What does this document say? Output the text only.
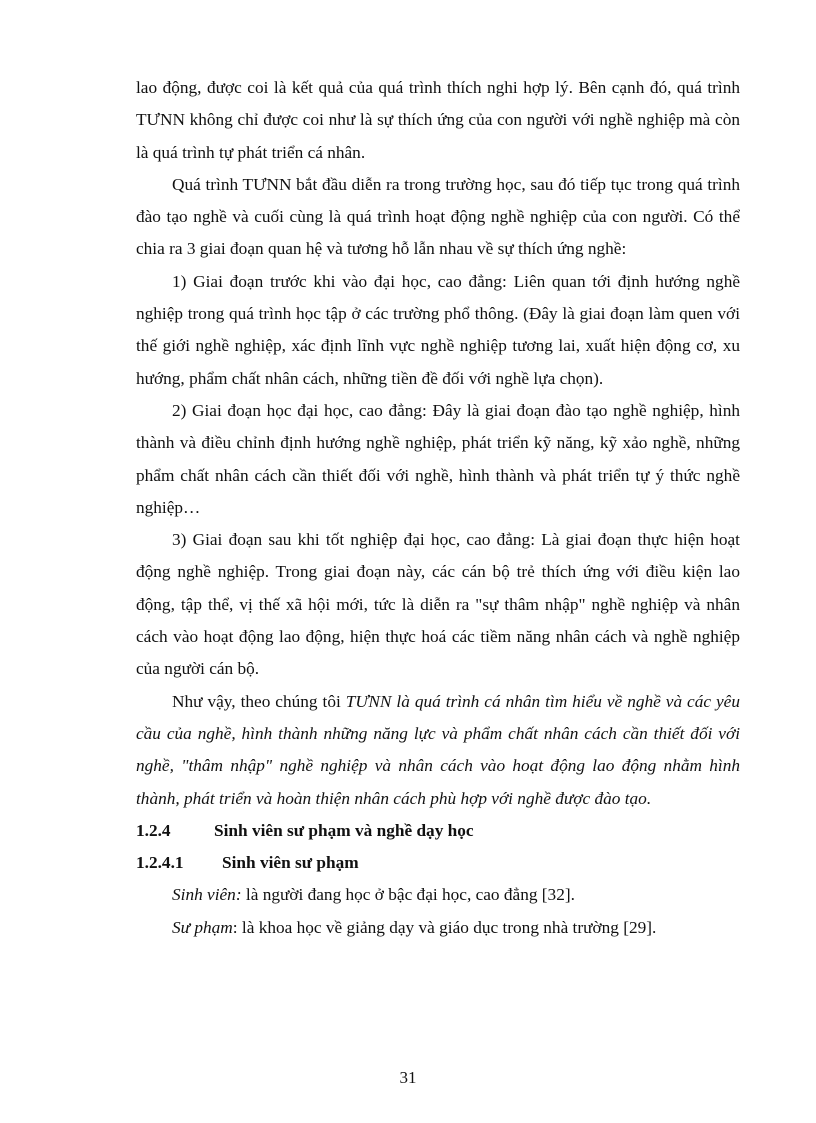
lao động, được coi là kết quả của quá trình thích nghi hợp lý. Bên cạnh đó, quá trình TƯNN không chỉ được coi như là sự thích ứng của con người với nghề nghiệp mà còn là quá trình tự phát triển cá nhân.

Quá trình TƯNN bắt đầu diễn ra trong trường học, sau đó tiếp tục trong quá trình đào tạo nghề và cuối cùng là quá trình hoạt động nghề nghiệp của con người. Có thể chia ra 3 giai đoạn quan hệ và tương hỗ lẫn nhau về sự thích ứng nghề:

1) Giai đoạn trước khi vào đại học, cao đẳng: Liên quan tới định hướng nghề nghiệp trong quá trình học tập ở các trường phổ thông. (Đây là giai đoạn làm quen với thế giới nghề nghiệp, xác định lĩnh vực nghề nghiệp tương lai, xuất hiện động cơ, xu hướng, phẩm chất nhân cách, những tiền đề đối với nghề lựa chọn).

2) Giai đoạn học đại học, cao đẳng: Đây là giai đoạn đào tạo nghề nghiệp, hình thành và điều chỉnh định hướng nghề nghiệp, phát triển kỹ năng, kỹ xảo nghề, những phẩm chất nhân cách cần thiết đối với nghề, hình thành và phát triển tự ý thức nghề nghiệp…

3) Giai đoạn sau khi tốt nghiệp đại học, cao đẳng: Là giai đoạn thực hiện hoạt động nghề nghiệp. Trong giai đoạn này, các cán bộ trẻ thích ứng với điều kiện lao động, tập thể, vị thế xã hội mới, tức là diễn ra "sự thâm nhập" nghề nghiệp và nhân cách vào hoạt động lao động, hiện thực hoá các tiềm năng nhân cách và nghề nghiệp của người cán bộ.

Như vậy, theo chúng tôi TƯNN là quá trình cá nhân tìm hiểu về nghề và các yêu cầu của nghề, hình thành những năng lực và phẩm chất nhân cách cần thiết đối với nghề, "thâm nhập" nghề nghiệp và nhân cách vào hoạt động lao động nhằm hình thành, phát triển và hoàn thiện nhân cách phù hợp với nghề được đào tạo.

1.2.4	Sinh viên sư phạm và nghề dạy học
1.2.4.1 Sinh viên sư phạm

Sinh viên: là người đang học ở bậc đại học, cao đẳng [32].

Sư phạm: là khoa học về giảng dạy và giáo dục trong nhà trường [29].

31
